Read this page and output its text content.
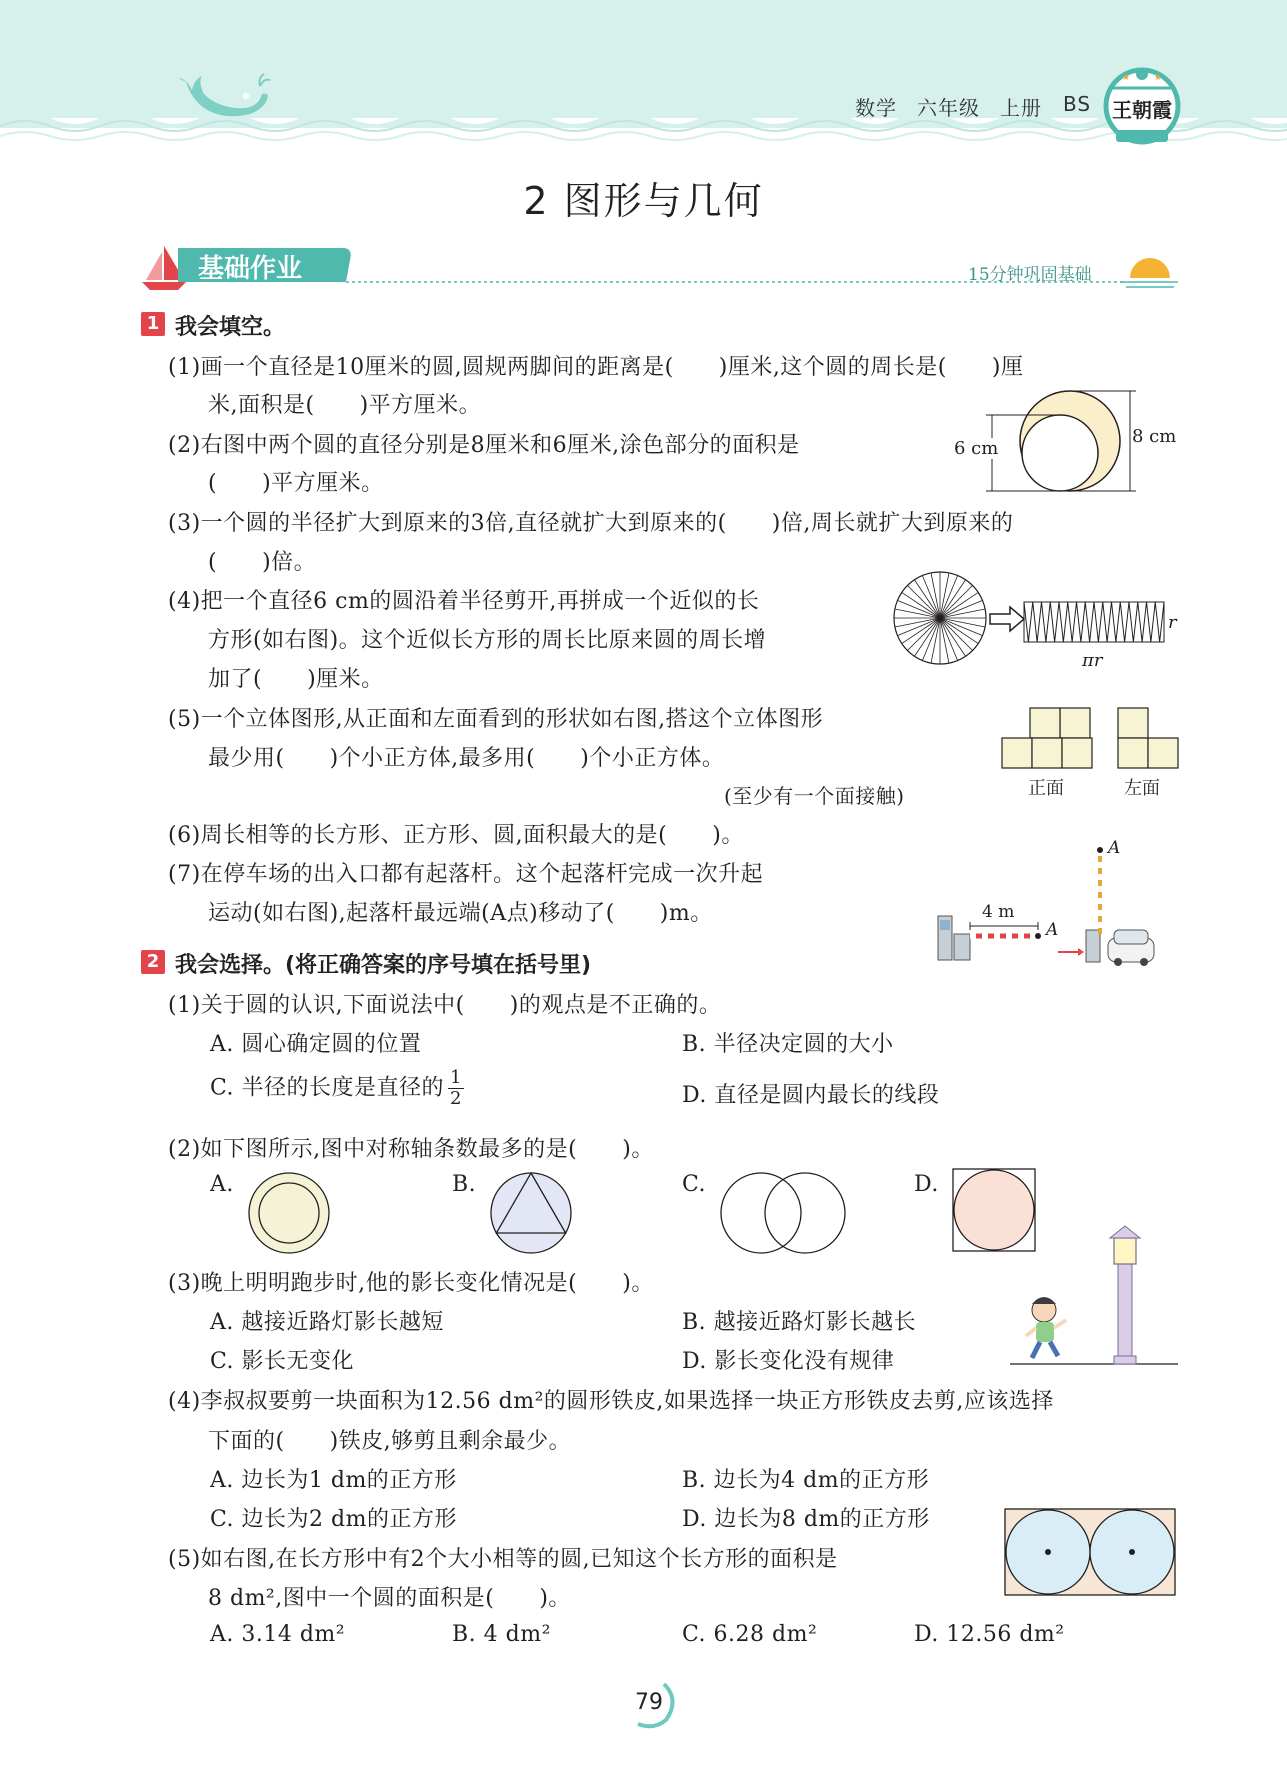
数学 六年级 上册 BS
★	★
王朝霞
2 图形与几何
基础作业	15分钟巩固基础
1 我会填空。
(1)画一个直径是10厘米的圆,圆规两脚间的距离是(　　)厘米,这个圆的周长是(　　)厘
米,面积是(　　)平方厘米。
(2)右图中两个圆的直径分别是8厘米和6厘米,涂色部分的面积是
(　　)平方厘米。
(3)一个圆的半径扩大到原来的3倍,直径就扩大到原来的(　　)倍,周长就扩大到原来的
(　　)倍。
(4)把一个直径6 cm的圆沿着半径剪开,再拼成一个近似的长
方形(如右图)。这个近似长方形的周长比原来圆的周长增
加了(　　)厘米。
(5)一个立体图形,从正面和左面看到的形状如右图,搭这个立体图形
最少用(　　)个小正方体,最多用(　　)个小正方体。
(至少有一个面接触)
(6)周长相等的长方形、正方形、圆,面积最大的是(　　)。
(7)在停车场的出入口都有起落杆。这个起落杆完成一次升起
运动(如右图),起落杆最远端(A点)移动了(　　)m。
6 cm
8 cm
r
πr
正面	左面
4 m
A
A
2 我会选择。(将正确答案的序号填在括号里)
(1)关于圆的认识,下面说法中(　　)的观点是不正确的。
A. 圆心确定圆的位置	B. 半径决定圆的大小
C. 半径的长度是直径的 $\frac{1}{2}$	D. 直径是圆内最长的线段
(2)如下图所示,图中对称轴条数最多的是(　　)。
A.	B.	C.	D.
(3)晚上明明跑步时,他的影长变化情况是(　　)。
A. 越接近路灯影长越短	B. 越接近路灯影长越长
C. 影长无变化	D. 影长变化没有规律
(4)李叔叔要剪一块面积为12.56 dm²的圆形铁皮,如果选择一块正方形铁皮去剪,应该选择
下面的(　　)铁皮,够剪且剩余最少。
A. 边长为1 dm的正方形	B. 边长为4 dm的正方形
C. 边长为2 dm的正方形	D. 边长为8 dm的正方形
(5)如右图,在长方形中有2个大小相等的圆,已知这个长方形的面积是
8 dm²,图中一个圆的面积是(　　)。
A. 3.14 dm²	B. 4 dm²	C. 6.28 dm²	D. 12.56 dm²
79
